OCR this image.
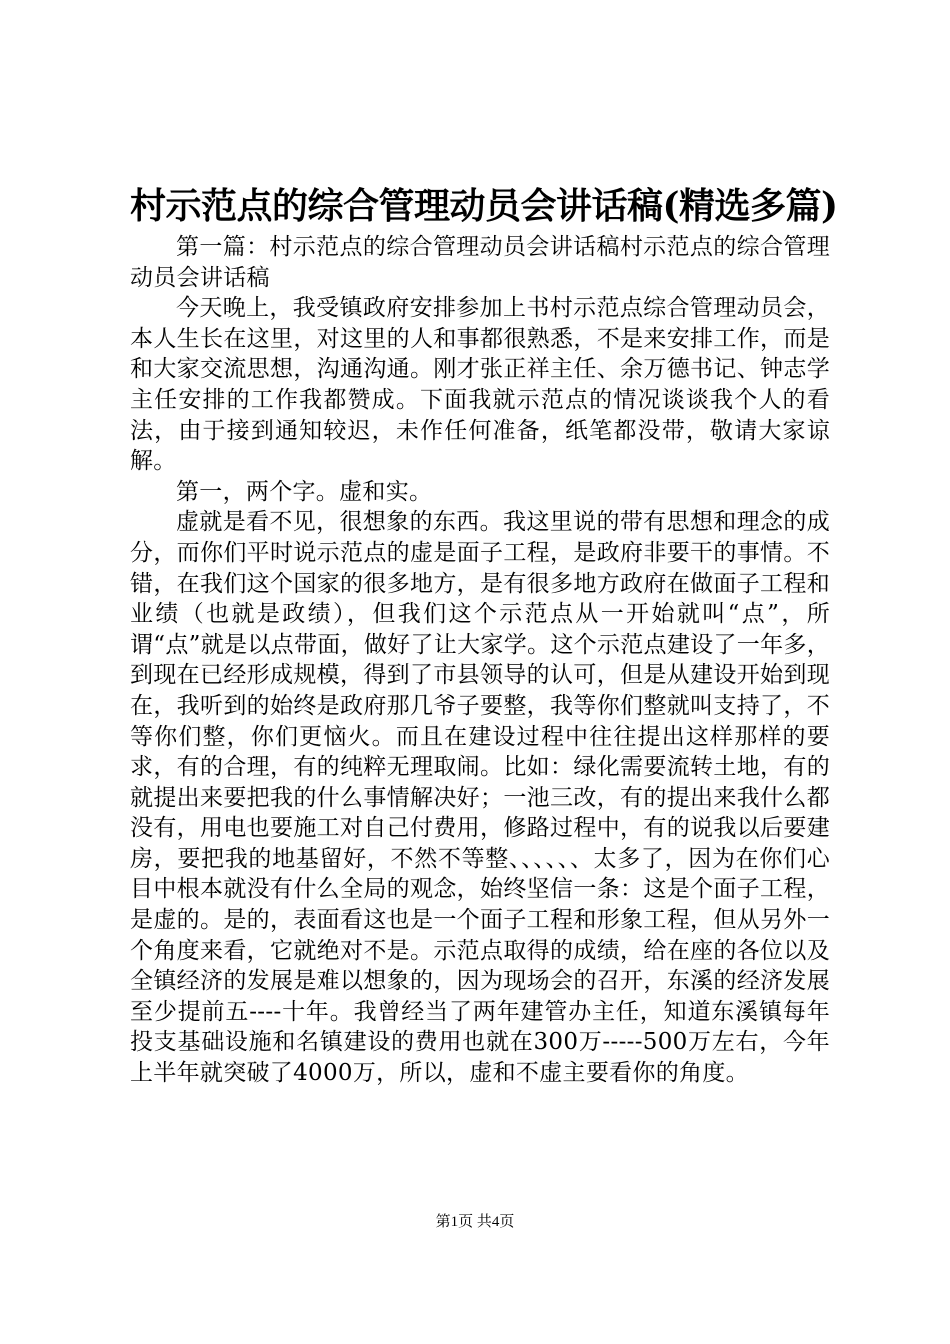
村示范点的综合管理动员会讲话稿(精选多篇)

第一篇：村示范点的综合管理动员会讲话稿村示范点的综合管理动员会讲话稿

今天晚上，我受镇政府安排参加上书村示范点综合管理动员会，本人生长在这里，对这里的人和事都很熟悉，不是来安排工作，而是和大家交流思想，沟通沟通。刚才张正祥主任、余万德书记、钟志学主任安排的工作我都赞成。下面我就示范点的情况谈谈我个人的看法，由于接到通知较迟，未作任何准备，纸笔都没带，敬请大家谅解。

第一，两个字。虚和实。

虚就是看不见，很想象的东西。我这里说的带有思想和理念的成分，而你们平时说示范点的虚是面子工程，是政府非要干的事情。不错，在我们这个国家的很多地方，是有很多地方政府在做面子工程和业绩（也就是政绩），但我们这个示范点从一开始就叫“点”，所谓“点”就是以点带面，做好了让大家学。这个示范点建设了一年多，到现在已经形成规模，得到了市县领导的认可，但是从建设开始到现在，我听到的始终是政府那几爷子要整，我等你们整就叫支持了，不等你们整，你们更恼火。而且在建设过程中往往提出这样那样的要求，有的合理，有的纯粹无理取闹。比如：绿化需要流转土地，有的就提出来要把我的什么事情解决好；一池三改，有的提出来我什么都没有，用电也要施工对自己付费用，修路过程中，有的说我以后要建房，要把我的地基留好，不然不等整、、、、、、太多了，因为在你们心目中根本就没有什么全局的观念，始终坚信一条：这是个面子工程，是虚的。是的，表面看这也是一个面子工程和形象工程，但从另外一个角度来看，它就绝对不是。示范点取得的成绩，给在座的各位以及全镇经济的发展是难以想象的，因为现场会的召开，东溪的经济发展至少提前五----十年。我曾经当了两年建管办主任，知道东溪镇每年投支基础设施和名镇建设的费用也就在300万-----500万左右，今年上半年就突破了4000万，所以，虚和不虚主要看你的角度。

第1页 共4页
